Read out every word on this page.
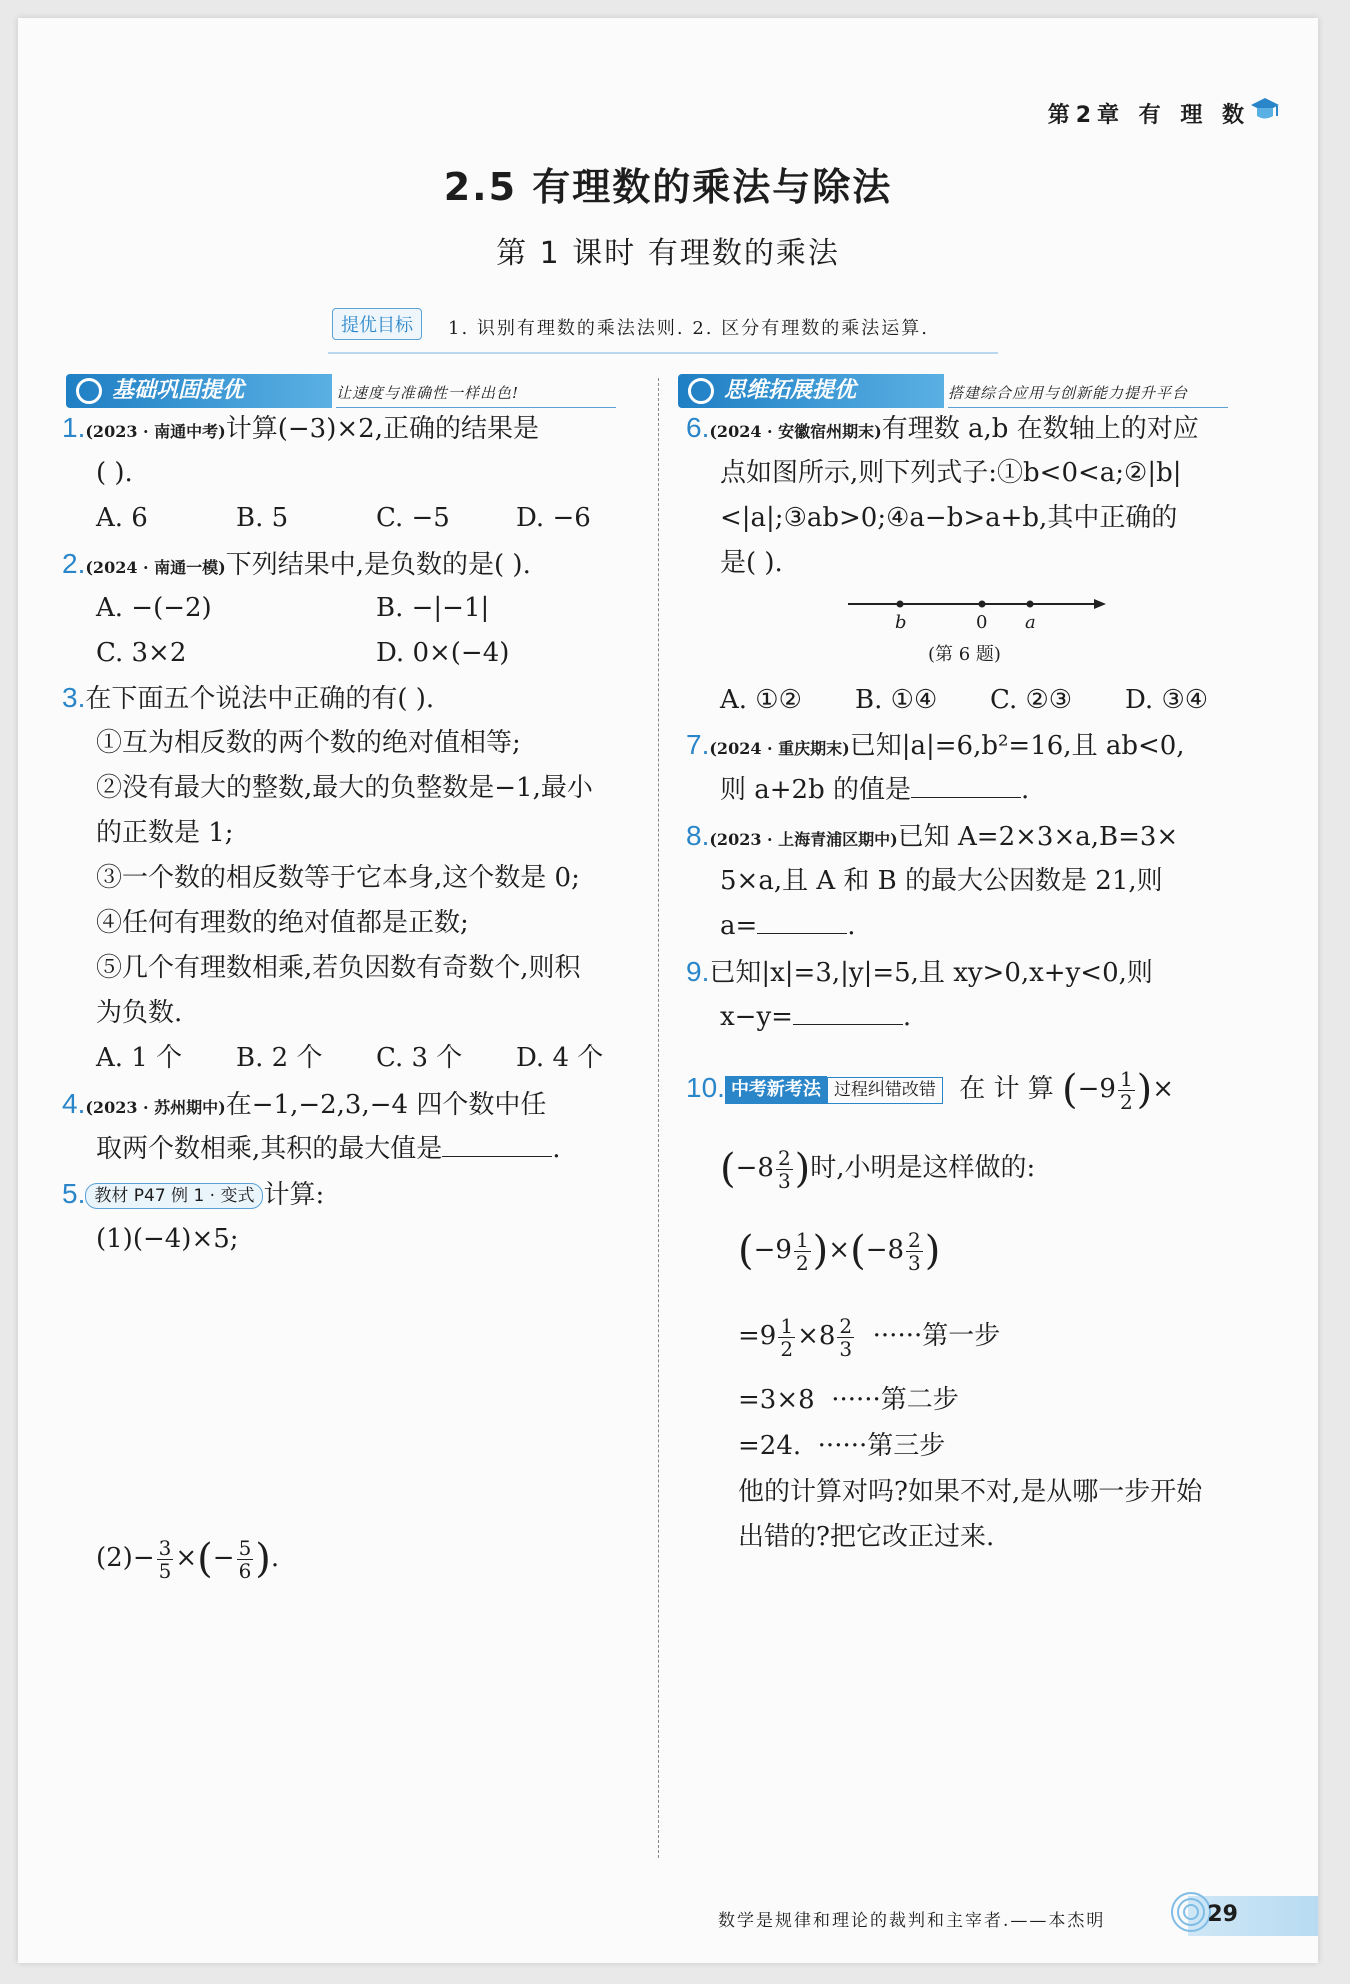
第2章 有 理 数
2.5 有理数的乘法与除法
第 1 课时 有理数的乘法
提优目标	1. 识别有理数的乘法法则. 2. 区分有理数的乘法运算.
基础巩固提优	让速度与准确性一样出色!	思维拓展提优	搭建综合应用与创新能力提升平台
1.(2023 · 南通中考)计算(−3)×2,正确的结果是
( ).
A. 6	B. 5	C. −5	D. −6
2.(2024 · 南通一模)下列结果中,是负数的是( ).
A. −(−2)	B. −|−1|
C. 3×2	D. 0×(−4)
3.在下面五个说法中正确的有( ).
①互为相反数的两个数的绝对值相等;
②没有最大的整数,最大的负整数是−1,最小
的正数是 1;
③一个数的相反数等于它本身,这个数是 0;
④任何有理数的绝对值都是正数;
⑤几个有理数相乘,若负因数有奇数个,则积
为负数.
A. 1 个	B. 2 个	C. 3 个	D. 4 个
4.(2023 · 苏州期中)在−1,−2,3,−4 四个数中任
取两个数相乘,其积的最大值是	.
5. 教材 P47 例 1 · 变式 计算:
(1)(−4)×5;
$(2)- \frac{3}{5}$ ×(− $\frac{5}{6}$ ).
6.(2024 · 安徽宿州期末)有理数 a,b 在数轴上的对应
点如图所示,则下列式子:①b<0<a;②|b|
<|a|;③ab>0;④a−b>a+b,其中正确的
是( ).
b	0 a
(第 6 题)
A. ①②	B. ①④	C. ②③	D. ③④
7.(2024 · 重庆期末)已知|a|=6,b²=16,且 ab<0,
则 a+2b 的值是	.
8.(2023 · 上海青浦区期中)已知 A=2×3×a,B=3×
5×a,且 A 和 B 的最大公因数是 21,则
a=	.
9.已知|x|=3,|y|=5,且 xy>0,x+y<0,则
x−y=	.
10. 中考新考法 过程纠错改错 在 计 算 ($-9 \frac{1}{2}$ )×
($-8 \frac{2}{3}$ )时,小明是这样做的:
$(-9 \frac{1}{2} )\times(-8 \frac{2}{3}$ )
$=9 \frac{1}{2} \times 8 \frac{2}{3}$ ······第一步
=3×8 ······第二步
=24. ······第三步
他的计算对吗?如果不对,是从哪一步开始
出错的?把它改正过来.
数学是规律和理论的裁判和主宰者.——本杰明	29
